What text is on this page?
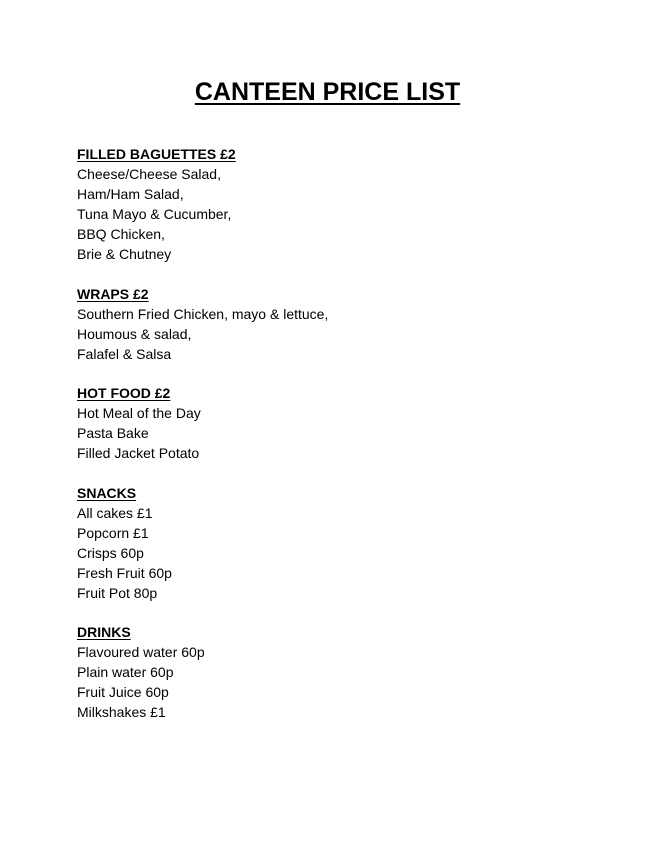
CANTEEN PRICE LIST

FILLED BAGUETTES £2

Cheese/Cheese Salad,

Ham/Ham Salad,

Tuna Mayo & Cucumber,

BBQ Chicken,

Brie & Chutney

WRAPS £2

Southern Fried Chicken, mayo & lettuce,

Houmous & salad,

Falafel & Salsa

HOT FOOD £2

Hot Meal of the Day

Pasta Bake

Filled Jacket Potato

SNACKS

All cakes £1

Popcorn £1

Crisps 60p

Fresh Fruit 60p

Fruit Pot 80p

DRINKS

Flavoured water 60p

Plain water 60p

Fruit Juice 60p

Milkshakes £1
